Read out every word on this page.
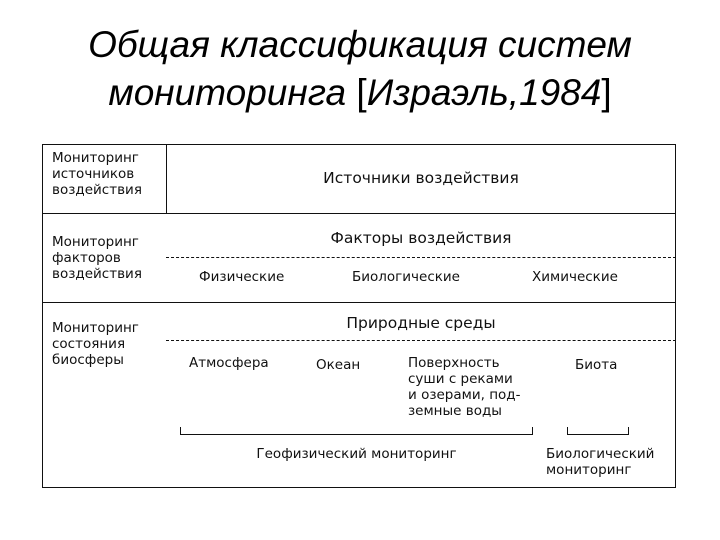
Общая классификация систем
мониторинга [Израэль,1984]
Мониторинг
источников
воздействия
Источники воздействия
Мониторинг
факторов
воздействия
Факторы воздействия
Физические	Биологические	Химические
Мониторинг
состояния
биосферы
Природные среды
Атмосфера	Океан	Поверхность
суши с реками
и озерами, под-
земные воды
Биота
Геофизический мониторинг	Биологический
мониторинг
